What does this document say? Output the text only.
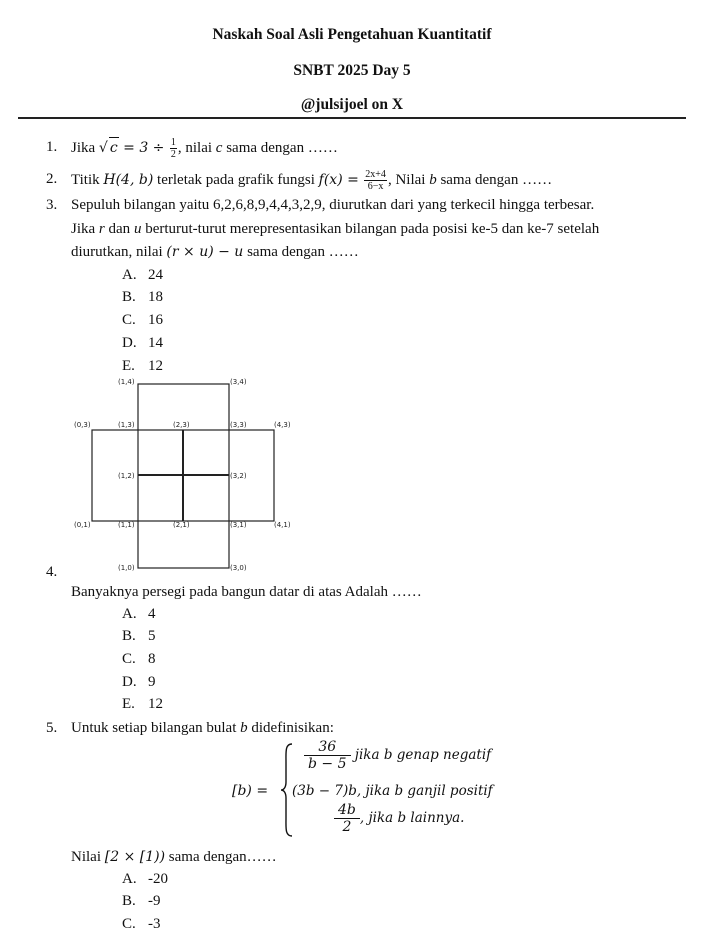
Naskah Soal Asli Pengetahuan Kuantitatif
SNBT 2025 Day 5
@julsijoel on X
1. Jika √ $c = 3 \div \frac{1}{2}$ , nilai c sama dengan ……
2. Titik H(4, b) terletak pada grafik fungsi $f(x) = \frac{2x+4}{6-x}$ , Nilai b sama dengan ……
3. Sepuluh bilangan yaitu 6,2,6,8,9,4,4,3,2,9, diurutkan dari yang terkecil hingga terbesar.
Jika r dan u berturut-turut merepresentasikan bilangan pada posisi ke-5 dan ke-7 setelah
diurutkan, nilai (r × u) − u sama dengan ……
A. 24
B. 18
C. 16
D. 14
E. 12
(1,4)	(3,4)
(0,3)	(1,3)	(2,3)	(3,3)	(4,3)
(1,2)	(3,2)
(0,1)	(1,1)	(2,1)	(3,1)	(4,1)
(1,0)	(3,0)
4.
Banyaknya persegi pada bangun datar di atas Adalah ……
A. 4
B. 5
C. 8
D. 9
E. 12
5. Untuk setiap bilangan bulat b didefinisikan:
[b) =
$\frac{36}{b - 5}$ jika b genap negatif
(3b − 7)b, jika b ganjil positif
$\frac{4b}{2}$ , jika b lainnya.
Nilai [2 × [1)) sama dengan……
A. -20
B. -9
C. -3
